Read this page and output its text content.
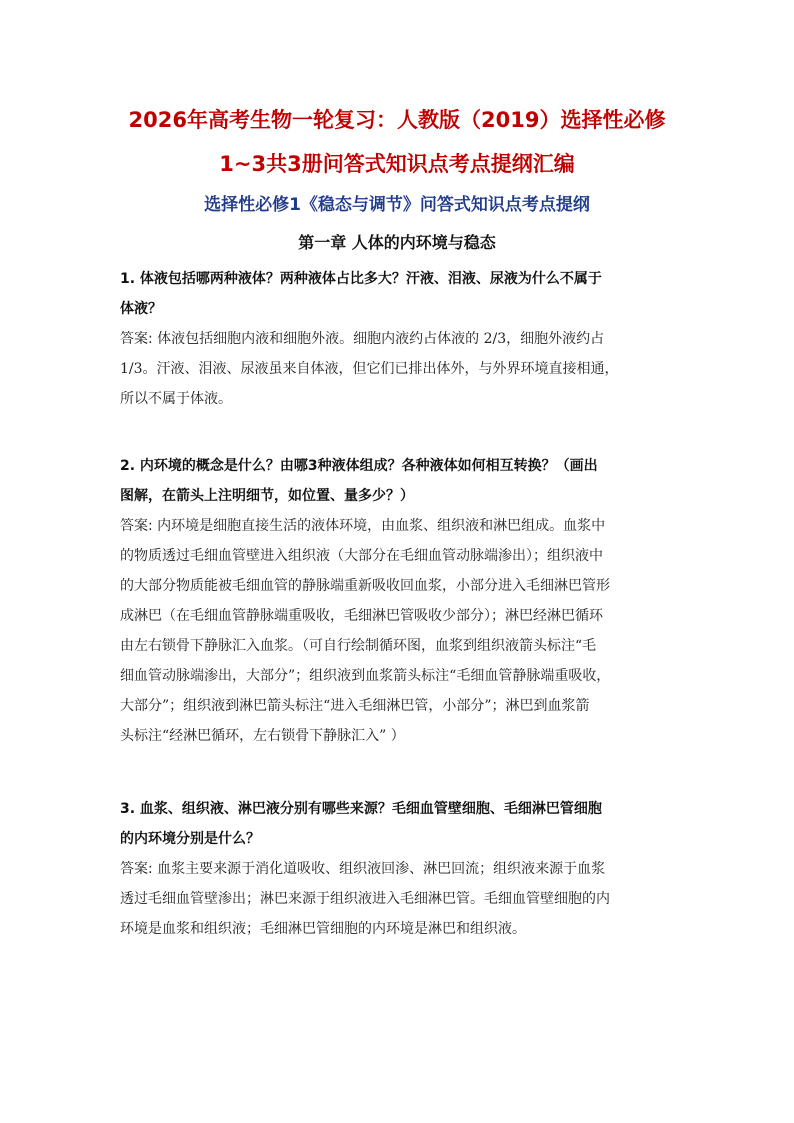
2026年高考生物一轮复习：人教版（2019）选择性必修
1~3共3册问答式知识点考点提纲汇编
选择性必修1《稳态与调节》问答式知识点考点提纲
第一章 人体的内环境与稳态
1. 体液包括哪两种液体？两种液体占比多大？汗液、泪液、尿液为什么不属于
体液？
答案: 体液包括细胞内液和细胞外液。细胞内液约占体液的 2/3，细胞外液约占
1/3。汗液、泪液、尿液虽来自体液，但它们已排出体外，与外界环境直接相通，
所以不属于体液。
2. 内环境的概念是什么？由哪3种液体组成？各种液体如何相互转换？（画出
图解，在箭头上注明细节，如位置、量多少？）
答案: 内环境是细胞直接生活的液体环境，由血浆、组织液和淋巴组成。血浆中
的物质透过毛细血管壁进入组织液（大部分在毛细血管动脉端渗出）；组织液中
的大部分物质能被毛细血管的静脉端重新吸收回血浆，小部分进入毛细淋巴管形
成淋巴（在毛细血管静脉端重吸收，毛细淋巴管吸收少部分）；淋巴经淋巴循环
由左右锁骨下静脉汇入血浆。（可自行绘制循环图，血浆到组织液箭头标注“毛
细血管动脉端渗出，大部分”；组织液到血浆箭头标注“毛细血管静脉端重吸收，
大部分”；组织液到淋巴箭头标注“进入毛细淋巴管，小部分”；淋巴到血浆箭
头标注“经淋巴循环，左右锁骨下静脉汇入” ）
3. 血浆、组织液、淋巴液分别有哪些来源？毛细血管壁细胞、毛细淋巴管细胞
的内环境分别是什么？
答案: 血浆主要来源于消化道吸收、组织液回渗、淋巴回流；组织液来源于血浆
透过毛细血管壁渗出；淋巴来源于组织液进入毛细淋巴管。毛细血管壁细胞的内
环境是血浆和组织液；毛细淋巴管细胞的内环境是淋巴和组织液。
